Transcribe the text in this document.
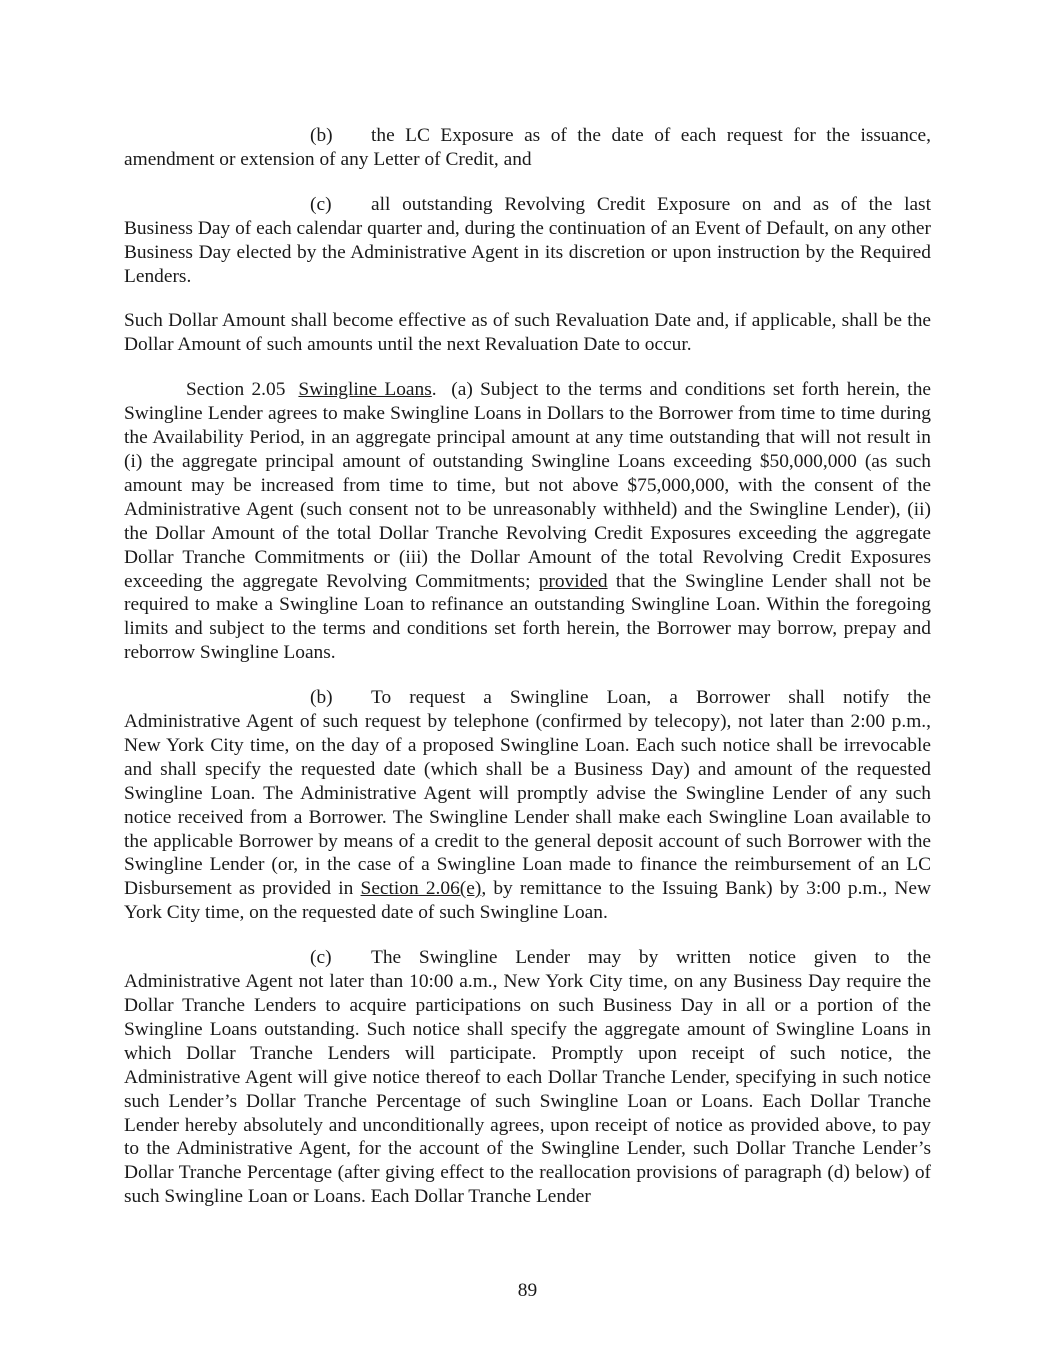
(b) the LC Exposure as of the date of each request for the issuance, amendment or extension of any Letter of Credit, and

(c) all outstanding Revolving Credit Exposure on and as of the last Business Day of each calendar quarter and, during the continuation of an Event of Default, on any other Business Day elected by the Administrative Agent in its discretion or upon instruction by the Required Lenders.

Such Dollar Amount shall become effective as of such Revaluation Date and, if applicable, shall be the Dollar Amount of such amounts until the next Revaluation Date to occur.

Section 2.05 Swingline Loans.  (a) Subject to the terms and conditions set forth herein, the Swingline Lender agrees to make Swingline Loans in Dollars to the Borrower from time to time during the Availability Period, in an aggregate principal amount at any time outstanding that will not result in (i) the aggregate principal amount of outstanding Swingline Loans exceeding $50,000,000 (as such amount may be increased from time to time, but not above $75,000,000, with the consent of the Administrative Agent (such consent not to be unreasonably withheld) and the Swingline Lender), (ii) the Dollar Amount of the total Dollar Tranche Revolving Credit Exposures exceeding the aggregate Dollar Tranche Commitments or (iii) the Dollar Amount of the total Revolving Credit Exposures exceeding the aggregate Revolving Commitments; provided that the Swingline Lender shall not be required to make a Swingline Loan to refinance an outstanding Swingline Loan. Within the foregoing limits and subject to the terms and conditions set forth herein, the Borrower may borrow, prepay and reborrow Swingline Loans.

(b) To request a Swingline Loan, a Borrower shall notify the Administrative Agent of such request by telephone (confirmed by telecopy), not later than 2:00 p.m., New York City time, on the day of a proposed Swingline Loan. Each such notice shall be irrevocable and shall specify the requested date (which shall be a Business Day) and amount of the requested Swingline Loan. The Administrative Agent will promptly advise the Swingline Lender of any such notice received from a Borrower. The Swingline Lender shall make each Swingline Loan available to the applicable Borrower by means of a credit to the general deposit account of such Borrower with the Swingline Lender (or, in the case of a Swingline Loan made to finance the reimbursement of an LC Disbursement as provided in Section 2.06(e), by remittance to the Issuing Bank) by 3:00 p.m., New York City time, on the requested date of such Swingline Loan.

(c) The Swingline Lender may by written notice given to the Administrative Agent not later than 10:00 a.m., New York City time, on any Business Day require the Dollar Tranche Lenders to acquire participations on such Business Day in all or a portion of the Swingline Loans outstanding. Such notice shall specify the aggregate amount of Swingline Loans in which Dollar Tranche Lenders will participate. Promptly upon receipt of such notice, the Administrative Agent will give notice thereof to each Dollar Tranche Lender, specifying in such notice such Lender’s Dollar Tranche Percentage of such Swingline Loan or Loans. Each Dollar Tranche Lender hereby absolutely and unconditionally agrees, upon receipt of notice as provided above, to pay to the Administrative Agent, for the account of the Swingline Lender, such Dollar Tranche Lender’s Dollar Tranche Percentage (after giving effect to the reallocation provisions of paragraph (d) below) of such Swingline Loan or Loans. Each Dollar Tranche Lender

89
